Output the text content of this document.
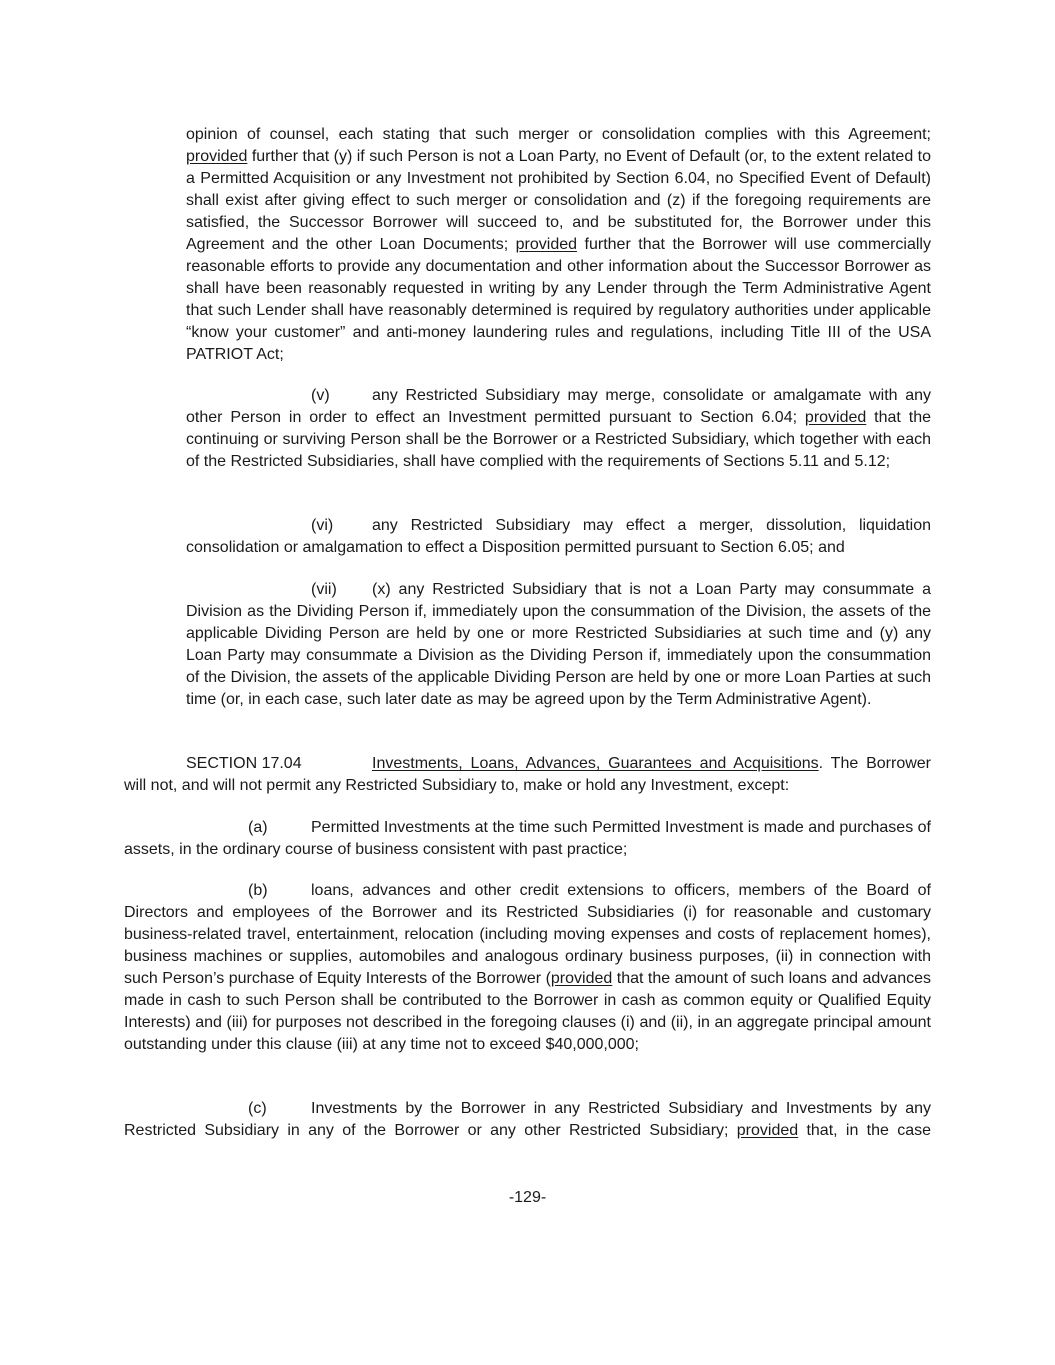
opinion of counsel, each stating that such merger or consolidation complies with this Agreement; provided further that (y) if such Person is not a Loan Party, no Event of Default (or, to the extent related to a Permitted Acquisition or any Investment not prohibited by Section 6.04, no Specified Event of Default) shall exist after giving effect to such merger or consolidation and (z) if the foregoing requirements are satisfied, the Successor Borrower will succeed to, and be substituted for, the Borrower under this Agreement and the other Loan Documents; provided further that the Borrower will use commercially reasonable efforts to provide any documentation and other information about the Successor Borrower as shall have been reasonably requested in writing by any Lender through the Term Administrative Agent that such Lender shall have reasonably determined is required by regulatory authorities under applicable “know your customer” and anti-money laundering rules and regulations, including Title III of the USA PATRIOT Act;

(v)	any Restricted Subsidiary may merge, consolidate or amalgamate with any other Person in order to effect an Investment permitted pursuant to Section 6.04; provided that the continuing or surviving Person shall be the Borrower or a Restricted Subsidiary, which together with each of the Restricted Subsidiaries, shall have complied with the requirements of Sections 5.11 and 5.12;

(vi) any Restricted Subsidiary may effect a merger, dissolution, liquidation consolidation or amalgamation to effect a Disposition permitted pursuant to Section 6.05; and

(vii) (x) any Restricted Subsidiary that is not a Loan Party may consummate a Division as the Dividing Person if, immediately upon the consummation of the Division, the assets of the applicable Dividing Person are held by one or more Restricted Subsidiaries at such time and (y) any Loan Party may consummate a Division as the Dividing Person if, immediately upon the consummation of the Division, the assets of the applicable Dividing Person are held by one or more Loan Parties at such time (or, in each case, such later date as may be agreed upon by the Term Administrative Agent).

SECTION 17.04	Investments, Loans, Advances, Guarantees and Acquisitions. The Borrower will not, and will not permit any Restricted Subsidiary to, make or hold any Investment, except:

(a)	Permitted Investments at the time such Permitted Investment is made and purchases of assets, in the ordinary course of business consistent with past practice;

(b)	loans, advances and other credit extensions to officers, members of the Board of Directors and employees of the Borrower and its Restricted Subsidiaries (i) for reasonable and customary business-related travel, entertainment, relocation (including moving expenses and costs of replacement homes), business machines or supplies, automobiles and analogous ordinary business purposes, (ii) in connection with such Person’s purchase of Equity Interests of the Borrower (provided that the amount of such loans and advances made in cash to such Person shall be contributed to the Borrower in cash as common equity or Qualified Equity Interests) and (iii) for purposes not described in the foregoing clauses (i) and (ii), in an aggregate principal amount outstanding under this clause (iii) at any time not to exceed $40,000,000;

(c)	Investments by the Borrower in any Restricted Subsidiary and Investments by any Restricted Subsidiary in any of the Borrower or any other Restricted Subsidiary; provided that, in the case

-129-
